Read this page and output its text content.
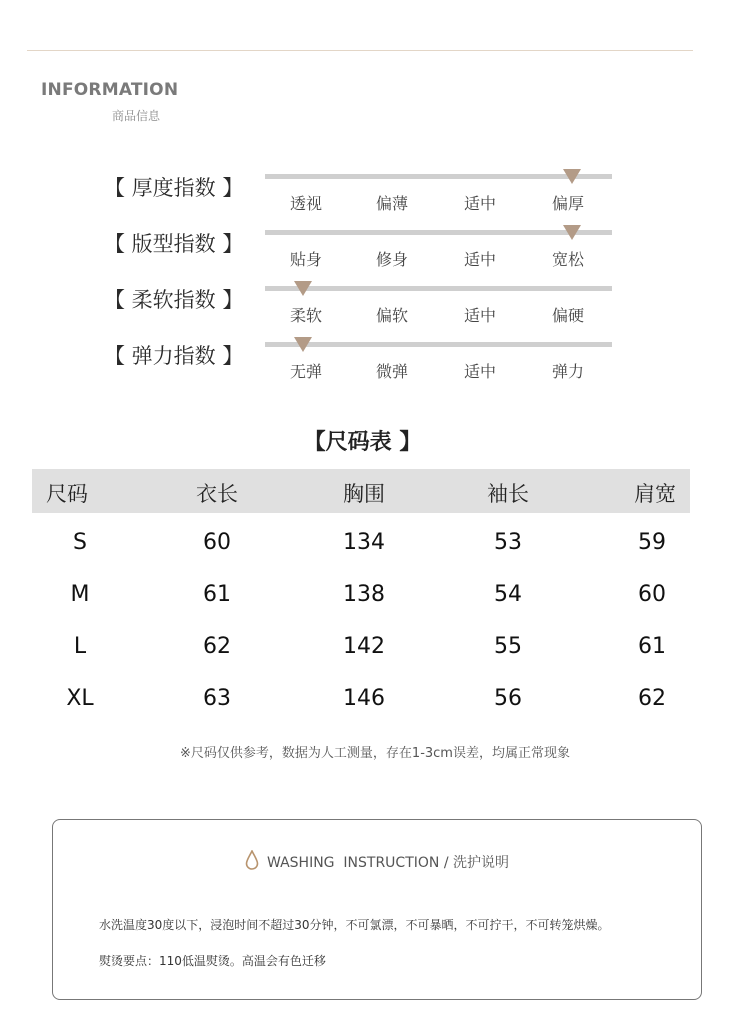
INFORMATION
商品信息
【 厚度指数 】
透视	偏薄	适中	偏厚
【 版型指数 】
贴身	修身	适中	宽松
【 柔软指数 】
柔软	偏软	适中	偏硬
【 弹力指数 】
无弹	微弹	适中	弹力
【尺码表 】
尺码	衣长	胸围	袖长	肩宽
S	60	134	53	59
M	61	138	54	60
L	62	142	55	61
XL	63	146	56	62
※尺码仅供参考，数据为人工测量，存在1-3cm误差，均属正常现象
WASHING  INSTRUCTION / 洗护说明
水洗温度30度以下，浸泡时间不超过30分钟，不可氯漂，不可暴晒，不可拧干，不可转笼烘燥。
熨烫要点：110低温熨烫。高温会有色迁移
